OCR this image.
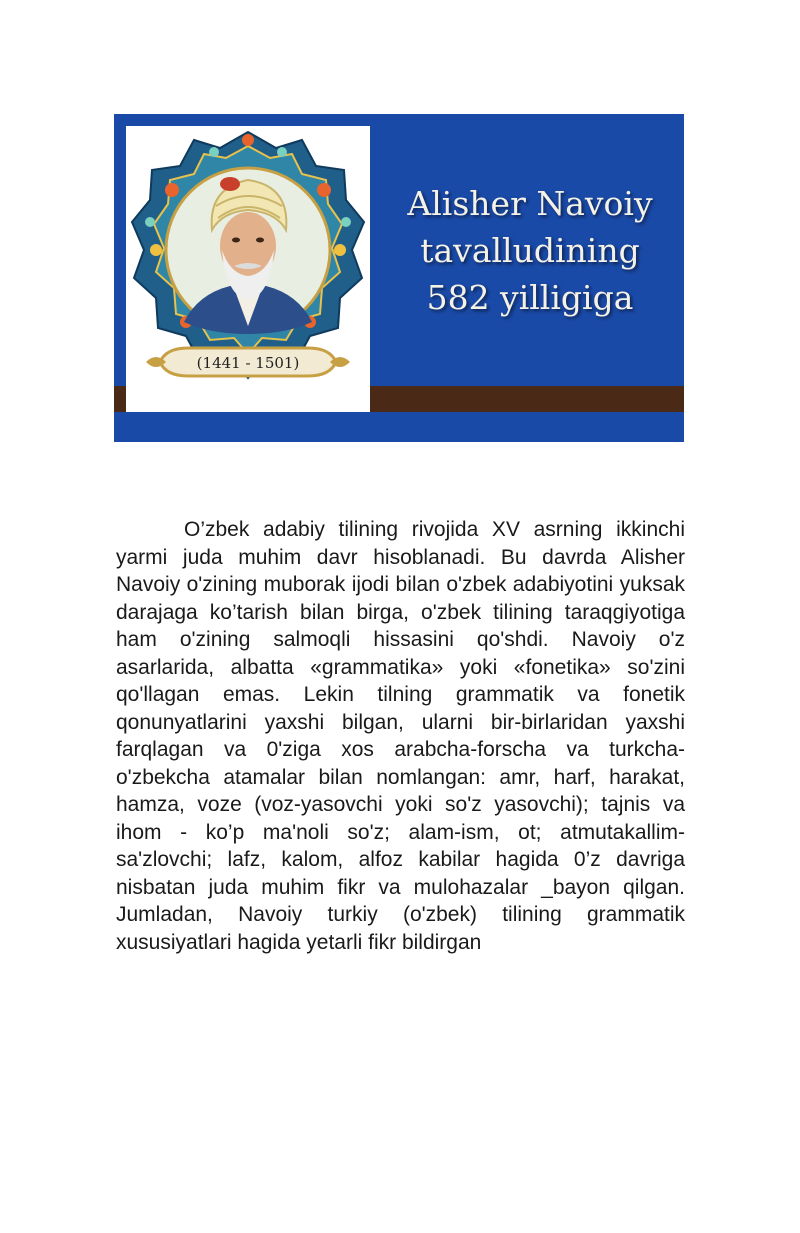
(1441 - 1501)
Alisher Navoiy
tavalludining
582 yilligiga

O’zbek adabiy tilining rivojida XV asrning ikkinchi yarmi juda muhim davr hisoblanadi. Bu davrda Alisher Navoiy o'zining muborak ijodi bilan o'zbek adabiyotini yuksak darajaga ko’tarish bilan birga, o'zbek tilining taraqgiyotiga ham o'zining salmoqli hissasini qo'shdi. Navoiy o'z asarlarida, albatta «grammatika» yoki «fonetika» so'zini qo'llagan emas. Lekin tilning grammatik va fonetik qonunyatlarini yaxshi bilgan, ularni bir-birlaridan yaxshi farqlagan va 0'ziga xos arabcha-forscha va turkcha- o'zbekcha atamalar bilan nomlangan: amr, harf, harakat, hamza, voze (voz-yasovchi yoki so'z yasovchi); tajnis va ihom - ko’p ma'noli so'z; alam-ism, ot; atmutakallim- sa'zlovchi; lafz, kalom, alfoz kabilar hagida 0’z davriga nisbatan juda muhim fikr va mulohazalar _bayon qilgan. Jumladan, Navoiy turkiy (o'zbek) tilining grammatik xususiyatlari hagida yetarli fikr bildirgan
